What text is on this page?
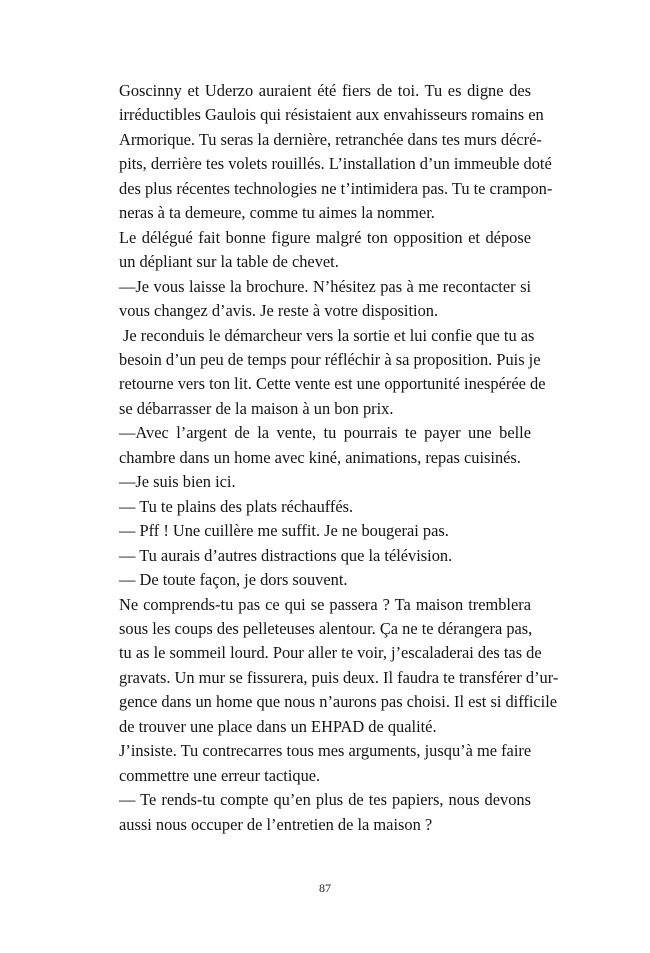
Goscinny et Uderzo auraient été fiers de toi. Tu es digne des
irréductibles Gaulois qui résistaient aux envahisseurs romains en
Armorique. Tu seras la dernière, retranchée dans tes murs décré-
pits, derrière tes volets rouillés. L’installation d’un immeuble doté
des plus récentes technologies ne t’intimidera pas. Tu te crampon-
neras à ta demeure, comme tu aimes la nommer.
Le délégué fait bonne figure malgré ton opposition et dépose
un dépliant sur la table de chevet.
—Je vous laisse la brochure. N’hésitez pas à me recontacter si
vous changez d’avis. Je reste à votre disposition.
Je reconduis le démarcheur vers la sortie et lui confie que tu as
besoin d’un peu de temps pour réfléchir à sa proposition. Puis je
retourne vers ton lit. Cette vente est une opportunité inespérée de
se débarrasser de la maison à un bon prix.
—Avec l’argent de la vente, tu pourrais te payer une belle
chambre dans un home avec kiné, animations, repas cuisinés.
—Je suis bien ici.
— Tu te plains des plats réchauffés.
— Pff ! Une cuillère me suffit. Je ne bougerai pas.
— Tu aurais d’autres distractions que la télévision.
— De toute façon, je dors souvent.
Ne comprends-tu pas ce qui se passera ? Ta maison tremblera
sous les coups des pelleteuses alentour. Ça ne te dérangera pas,
tu as le sommeil lourd. Pour aller te voir, j’escaladerai des tas de
gravats. Un mur se fissurera, puis deux. Il faudra te transférer d’ur-
gence dans un home que nous n’aurons pas choisi. Il est si difficile
de trouver une place dans un EHPAD de qualité.
J’insiste. Tu contrecarres tous mes arguments, jusqu’à me faire
commettre une erreur tactique.
— Te rends-tu compte qu’en plus de tes papiers, nous devons
aussi nous occuper de l’entretien de la maison ?
87
